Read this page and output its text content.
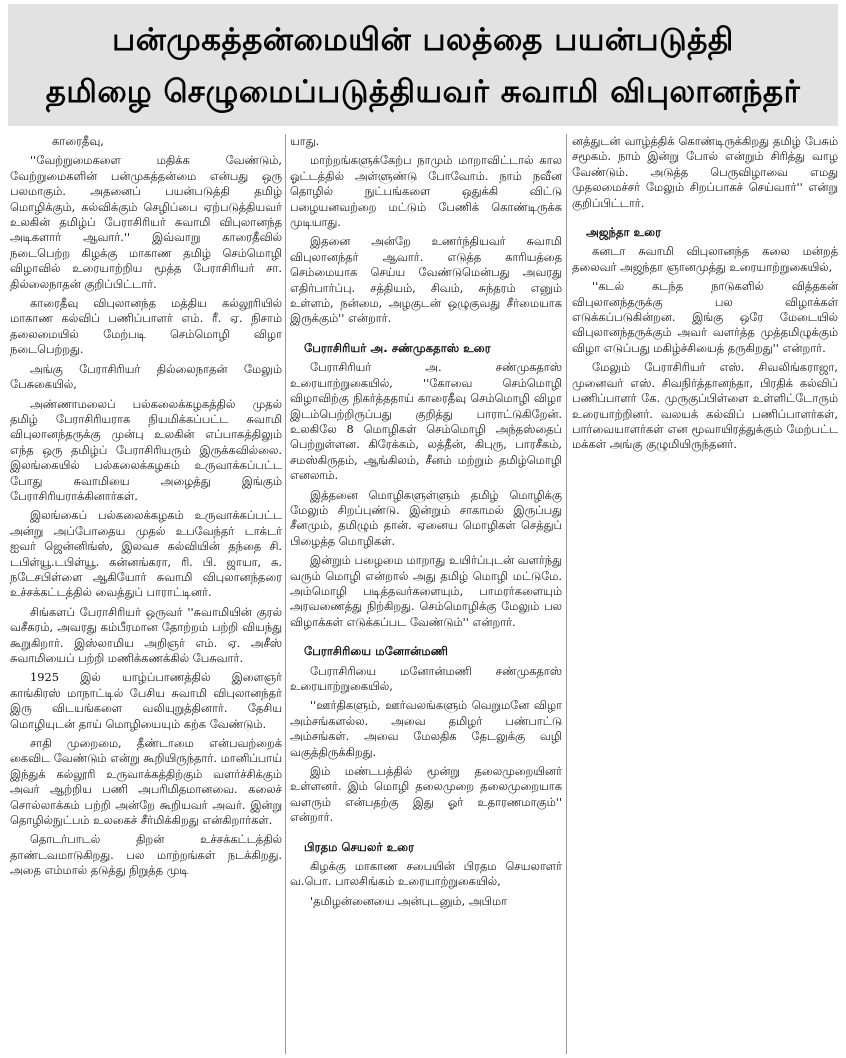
பன்முகத்தன்மையின் பலத்தை பயன்படுத்தி
தமிழை செழுமைப்படுத்தியவர் சுவாமி விபுலானந்தர்

காரைதீவு,

''வேற்றுமைகளை மதிக்க வேண்டும், வேற்றுமைகளின் பன்முகத்தன்மை என்பது ஒரு பலமாகும். அதனைப் பயன்படுத்தி தமிழ் மொழிக்கும், கல்விக்கும் செழிப்பை ஏற்படுத்தியவர் உலகின் தமிழ்ப் பேராசிரியர் சுவாமி விபுலானந்த அடிகளார் ஆவார்.'' இவ்வாறு காரைதீவில் நடைபெற்ற கிழக்கு மாகாண தமிழ் செம்மொழி விழாவில் உரையாற்றிய மூத்த பேராசிரியர் சா. தில்லைநாதன் குறிப்பிட்டார்.

காரைதீவு விபுலானந்த மத்திய கல்லூரியில் மாகாண கல்விப் பணிப்பாளர் எம். ரீ. ஏ. நிசாம் தலைமையில் மேற்படி செம்மொழி விழா நடைபெற்றது.

அங்கு பேராசிரியர் தில்லைநாதன் மேலும் பேசுகையில்,

அண்ணாமலைப் பல்கலைக்கழகத்தில் முதல் தமிழ் பேராசிரியராக நியமிக்கப்பட்ட சுவாமி விபுலானந்தருக்கு முன்பு உலகின் எப்பாகத்திலும் எந்த ஒரு தமிழ்ப் பேராசிரியரும் இருக்கவில்லை. இலங்கையில் பல்கலைக்கழகம் உருவாக்கப்பட்ட போது சுவாமியை அழைத்து இங்கும் பேராசிரியராக்கினார்கள்.

இலங்கைப் பல்கலைக்கழகம் உருவாக்கப்பட்ட அன்று அப்போதைய முதல் உபவேந்தர் டாக்டர் ஐவர் ஜென்னிங்ஸ், இலவச கல்வியின் தந்தை சி. டபிள்யூ.டபிள்யூ. கன்னங்கரா, ரி. பி. ஜாயா, சு. நடேசபிள்ளை ஆகியோர் சுவாமி விபுலானந்தரை உச்சக்கட்டத்தில் வைத்துப் பாராட்டினர்.

சிங்களப் பேராசிரியர் ஒருவர் ''சுவாமியின் குரல் வசீகரம், அவரது கம்பீரமான தோற்றம் பற்றி வியந்து கூறுகிறார். இஸ்லாமிய அறிஞர் எம். ஏ. அசீஸ் சுவாமியைப் பற்றி மணிக்கணக்கில் பேசுவார்.

1925 இல் யாழ்ப்பாணத்தில் இளைஞர் காங்கிரஸ் மாநாட்டில் பேசிய சுவாமி விபுலானந்தர் இரு விடயங்களை வலியுறுத்தினார். தேசிய மொழியுடன் தாய் மொழியையும் கற்க வேண்டும்.

சாதி முறைமை, தீண்டாமை என்பவற்றைக் கைவிட வேண்டும் என்று கூறியிருந்தார். மானிப்பாய் இந்துக் கல்லூரி உருவாக்கத்திற்கும் வளர்ச்சிக்கும் அவர் ஆற்றிய பணி அபரிமிதமானவை. கலைச் சொல்லாக்கம் பற்றி அன்றே கூறியவர் அவர். இன்று தொழில்நுட்பம் உலகைச் சீர்மிக்கிறது என்கிறார்கள்.

தொடர்பாடல் திறன் உச்சக்கட்டத்தில் தாண்டவமாடுகிறது. பல மாற்றங்கள் நடக்கிறது. அதை எம்மால் தடுத்து நிறுத்த முடி

யாது.

மாற்றங்களுக்கேற்ப நாமும் மாறாவிட்டால் கால ஓட்டத்தில் அள்ளுண்டு போவோம். நாம் நவீன தொழில் நுட்பங்களை ஒதுக்கி விட்டு பழையனவற்றை மட்டும் பேணிக் கொண்டிருக்க முடியாது.

இதனை அன்றே உணர்ந்தியவர் சுவாமி விபுலானந்தர் ஆவார். எடுத்த காரியத்தை செம்மையாக செய்ய வேண்டுமென்பது அவரது எதிர்பார்ப்பு. சத்தியம், சிவம், சுந்தரம் எனும் உள்ளம், நன்மை, அழகுடன் ஒழுகுவது சீர்மையாக இருக்கும்'' என்றார்.

பேராசிரியர் அ. சண்முகதாஸ் உரை

பேராசிரியர் அ. சண்முகதாஸ் உரையாற்றுகையில், ''கோவை செம்மொழி விழாவிற்கு நிகர்த்ததாய் காரைதீவு செம்மொழி விழா இடம்பெற்றிருப்பது குறித்து பாராட்டுகிறேன். உலகிலே 8 மொழிகள் செம்மொழி அந்தஸ்தைப் பெற்றுள்ளன. கிரேக்கம், லத்தீன், கிபுரு, பாரசீகம், சமஸ்கிருதம், ஆங்கிலம், சீனம் மற்றும் தமிழ்மொழி எனலாம்.

இத்தனை மொழிகளுள்ளும் தமிழ் மொழிக்கு மேலும் சிறப்புண்டு. இன்றும் சாகாமல் இருப்பது சீனமும், தமிழும் தான். ஏனைய மொழிகள் செத்துப் பிழைத்த மொழிகள்.

இன்றும் பழைமை மாறாது உயிர்ப்புடன் வளர்ந்து வரும் மொழி என்றால் அது தமிழ் மொழி மட்டுமே. அம்மொழி படித்தவர்களையும், பாமரர்களையும் அரவணைத்து நிற்கிறது. செம்மொழிக்கு மேலும் பல விழாக்கள் எடுக்கப்பட வேண்டும்'' என்றார்.

பேராசிரியை மனோன்மணி

பேராசிரியை மனோன்மணி சண்முகதாஸ் உரையாற்றுகையில்,

''ஊர்திகளும், ஊர்வலங்களும் வெறுமனே விழா அம்சங்களல்ல. அவை தமிழர் பண்பாட்டு அம்சங்கள். அவை மேலதிக தேடலுக்கு வழி வகுத்திருக்கிறது.

இம் மண்டபத்தில் மூன்று தலைமுறையினர் உள்ளனர். இம் மொழி தலைமுறை தலைமுறையாக வளரும் என்பதற்கு இது ஓர் உதாரணமாகும்'' என்றார்.

பிரதம செயலர் உரை

கிழக்கு மாகாண சபையின் பிரதம செயலாளர் வ.பொ. பாலசிங்கம் உரையாற்றுகையில்,

'தமிழன்னையை அன்புடனும், அபிமா

னத்துடன் வாழ்த்திக் கொண்டிருக்கிறது தமிழ் பேசும் சமூகம். நாம் இன்று போல் என்றும் சிரித்து வாழ வேண்டும். அடுத்த பெருவிழாவை எமது முதலமைச்சர் மேலும் சிறப்பாகச் செய்வார்'' என்று குறிப்பிட்டார்.

அஜந்தா உரை

கனடா சுவாமி விபுலானந்த கலை மன்றத் தலைவர் அஜந்தா ஞானமுத்து உரையாற்றுகையில்,

''கடல் கடந்த நாடுகளில் வித்தகன் விபுலானந்தருக்கு பல விழாக்கள் எடுக்கப்படுகின்றன. இங்கு ஒரே மேடையில் விபுலானந்தருக்கும் அவர் வளர்த்த முத்தமிழுக்கும் விழா எடுப்பது மகிழ்ச்சியைத் தருகிறது'' என்றார்.

மேலும் பேராசிரியர் எஸ். சிவலிங்கராஜா, முனைவர் எஸ். சிவநிர்த்தானந்தா, பிரதிக் கல்விப் பணிப்பாளர் கே. முருகுப்பிள்ளை உள்ளிட்டோரும் உரையாற்றினர். வலயக் கல்விப் பணிப்பாளர்கள், பார்வையாளர்கள் என மூவாயிரத்துக்கும் மேற்பட்ட மக்கள் அங்கு குழுமியிருந்தனர்.
